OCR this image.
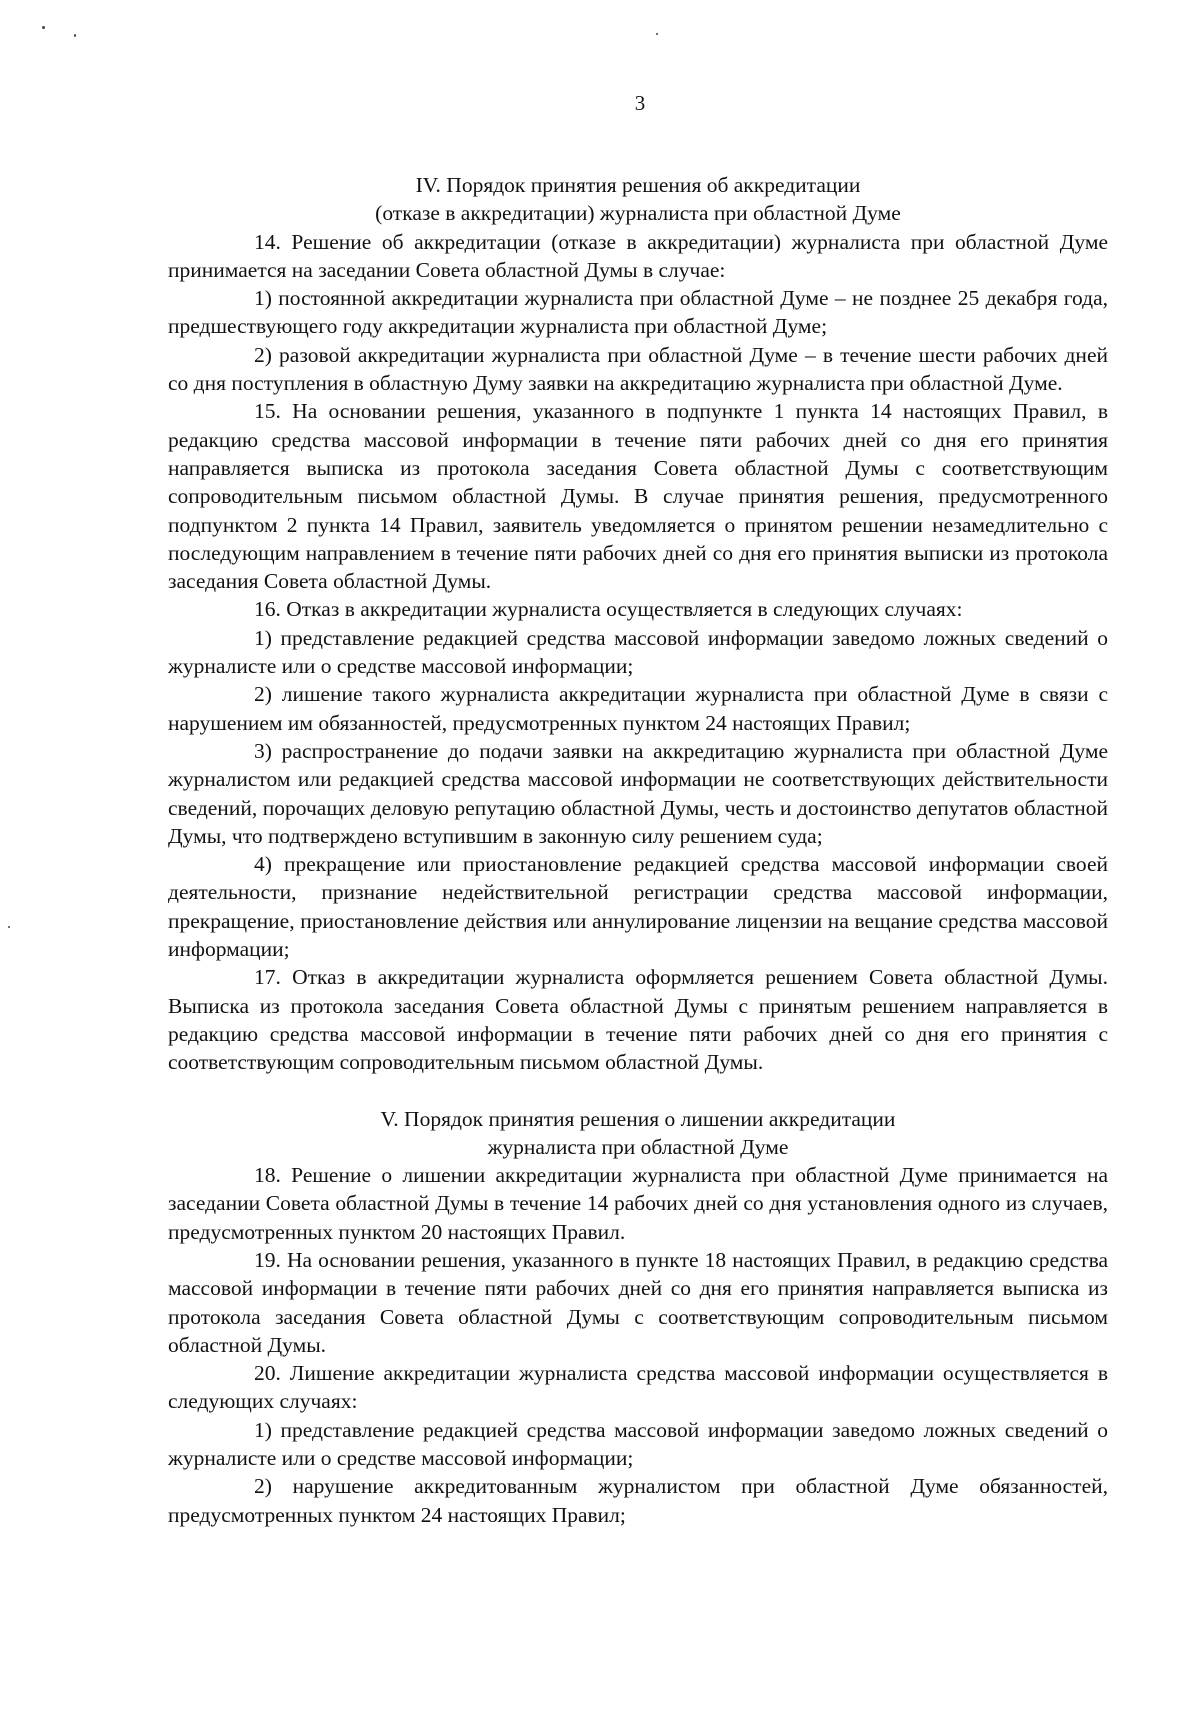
3

IV. Порядок принятия решения об аккредитации

(отказе в аккредитации) журналиста при областной Думе

14. Решение об аккредитации (отказе в аккредитации) журналиста при областной Думе принимается на заседании Совета областной Думы в случае:

1) постоянной аккредитации журналиста при областной Думе – не позднее 25 декабря года, предшествующего году аккредитации журналиста при областной Думе;

2) разовой аккредитации журналиста при областной Думе – в течение шести рабочих дней со дня поступления в областную Думу заявки на аккредитацию журналиста при областной Думе.

15. На основании решения, указанного в подпункте 1 пункта 14 настоящих Правил, в редакцию средства массовой информации в течение пяти рабочих дней со дня его принятия направляется выписка из протокола заседания Совета областной Думы с соответствующим сопроводительным письмом областной Думы. В случае принятия решения, предусмотренного подпунктом 2 пункта 14 Правил, заявитель уведомляется о принятом решении незамедлительно с последующим направлением в течение пяти рабочих дней со дня его принятия выписки из протокола заседания Совета областной Думы.

16. Отказ в аккредитации журналиста осуществляется в следующих случаях:

1) представление редакцией средства массовой информации заведомо ложных сведений о журналисте или о средстве массовой информации;

2) лишение такого журналиста аккредитации журналиста при областной Думе в связи с нарушением им обязанностей, предусмотренных пунктом 24 настоящих Правил;

3) распространение до подачи заявки на аккредитацию журналиста при областной Думе журналистом или редакцией средства массовой информации не соответствующих действительности сведений, порочащих деловую репутацию областной Думы, честь и достоинство депутатов областной Думы, что подтверждено вступившим в законную силу решением суда;

4) прекращение или приостановление редакцией средства массовой информации своей деятельности, признание недействительной регистрации средства массовой информации, прекращение, приостановление действия или аннулирование лицензии на вещание средства массовой информации;

17. Отказ в аккредитации журналиста оформляется решением Совета областной Думы. Выписка из протокола заседания Совета областной Думы с принятым решением направляется в редакцию средства массовой информации в течение пяти рабочих дней со дня его принятия с соответствующим сопроводительным письмом областной Думы.

V. Порядок принятия решения о лишении аккредитации

журналиста при областной Думе

18. Решение о лишении аккредитации журналиста при областной Думе принимается на заседании Совета областной Думы в течение 14 рабочих дней со дня установления одного из случаев, предусмотренных пунктом 20 настоящих Правил.

19. На основании решения, указанного в пункте 18 настоящих Правил, в редакцию средства массовой информации в течение пяти рабочих дней со дня его принятия направляется выписка из протокола заседания Совета областной Думы с соответствующим сопроводительным письмом областной Думы.

20. Лишение аккредитации журналиста средства массовой информации осуществляется в следующих случаях:

1) представление редакцией средства массовой информации заведомо ложных сведений о журналисте или о средстве массовой информации;

2) нарушение аккредитованным журналистом при областной Думе обязанностей, предусмотренных пунктом 24 настоящих Правил;
